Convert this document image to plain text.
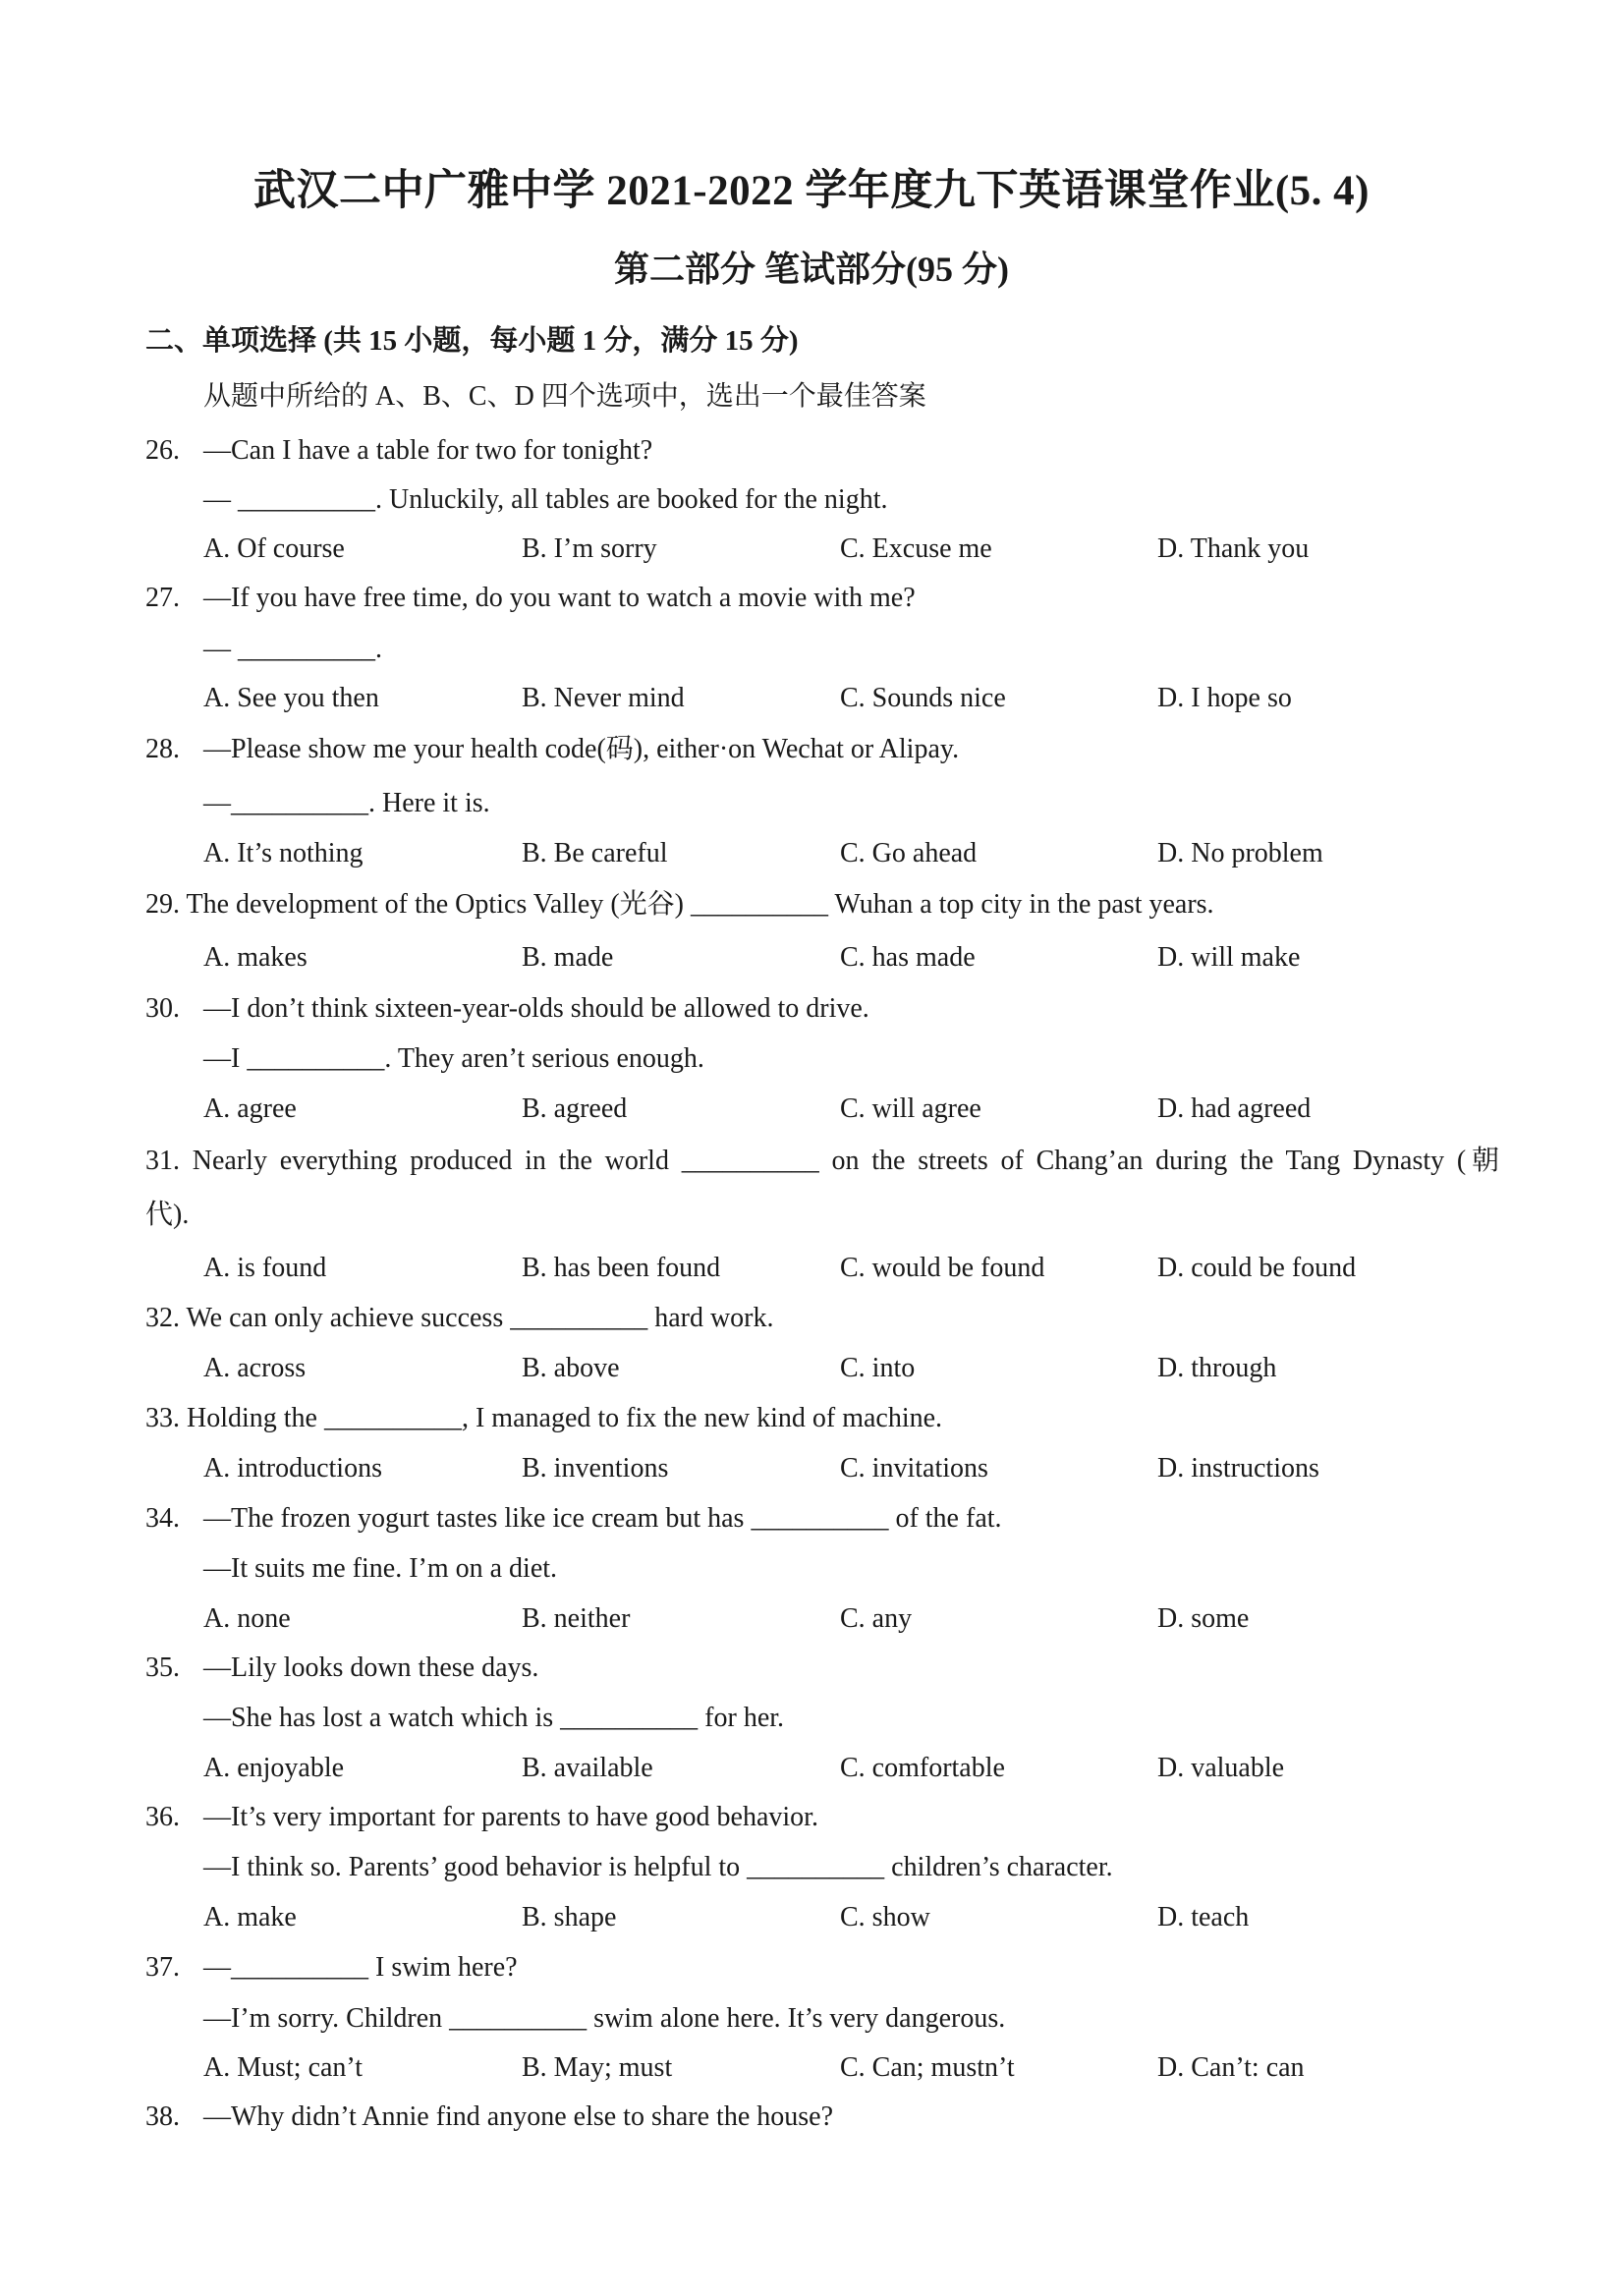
武汉二中广雅中学 2021-2022 学年度九下英语课堂作业(5. 4)
第二部分 笔试部分(95 分)
二、单项选择 (共 15 小题，每小题 1 分，满分 15 分)
从题中所给的 A、B、C、D 四个选项中，选出一个最佳答案
26. —Can I have a table for two for tonight?
— __________. Unluckily, all tables are booked for the night.
A. Of course	B. I’m sorry	C. Excuse me	D. Thank you
27. —If you have free time, do you want to watch a movie with me?
— __________.
A. See you then	B. Never mind	C. Sounds nice	D. I hope so
28. —Please show me your health code(码), either·on Wechat or Alipay.
—__________. Here it is.
A. It’s nothing	B. Be careful	C. Go ahead	D. No problem
29. The development of the Optics Valley (光谷) __________ Wuhan a top city in the past years.
A. makes	B. made	C. has made	D. will make
30. —I don’t think sixteen-year-olds should be allowed to drive.
—I __________. They aren’t serious enough.
A. agree	B. agreed	C. will agree	D. had agreed
31. Nearly everything produced in the world __________ on the streets of Chang’an during the Tang Dynasty (朝
代).
A. is found	B. has been found	C. would be found	D. could be found
32. We can only achieve success __________ hard work.
A. across	B. above	C. into	D. through
33. Holding the __________, I managed to fix the new kind of machine.
A. introductions	B. inventions	C. invitations	D. instructions
34. —The frozen yogurt tastes like ice cream but has __________ of the fat.
—It suits me fine. I’m on a diet.
A. none	B. neither	C. any	D. some
35. —Lily looks down these days.
—She has lost a watch which is __________ for her.
A. enjoyable	B. available	C. comfortable	D. valuable
36. —It’s very important for parents to have good behavior.
—I think so. Parents’ good behavior is helpful to __________ children’s character.
A. make	B. shape	C. show	D. teach
37. —__________ I swim here?
—I’m sorry. Children __________ swim alone here. It’s very dangerous.
A. Must; can’t	B. May; must	C. Can; mustn’t	D. Can’t: can
38. —Why didn’t Annie find anyone else to share the house?
